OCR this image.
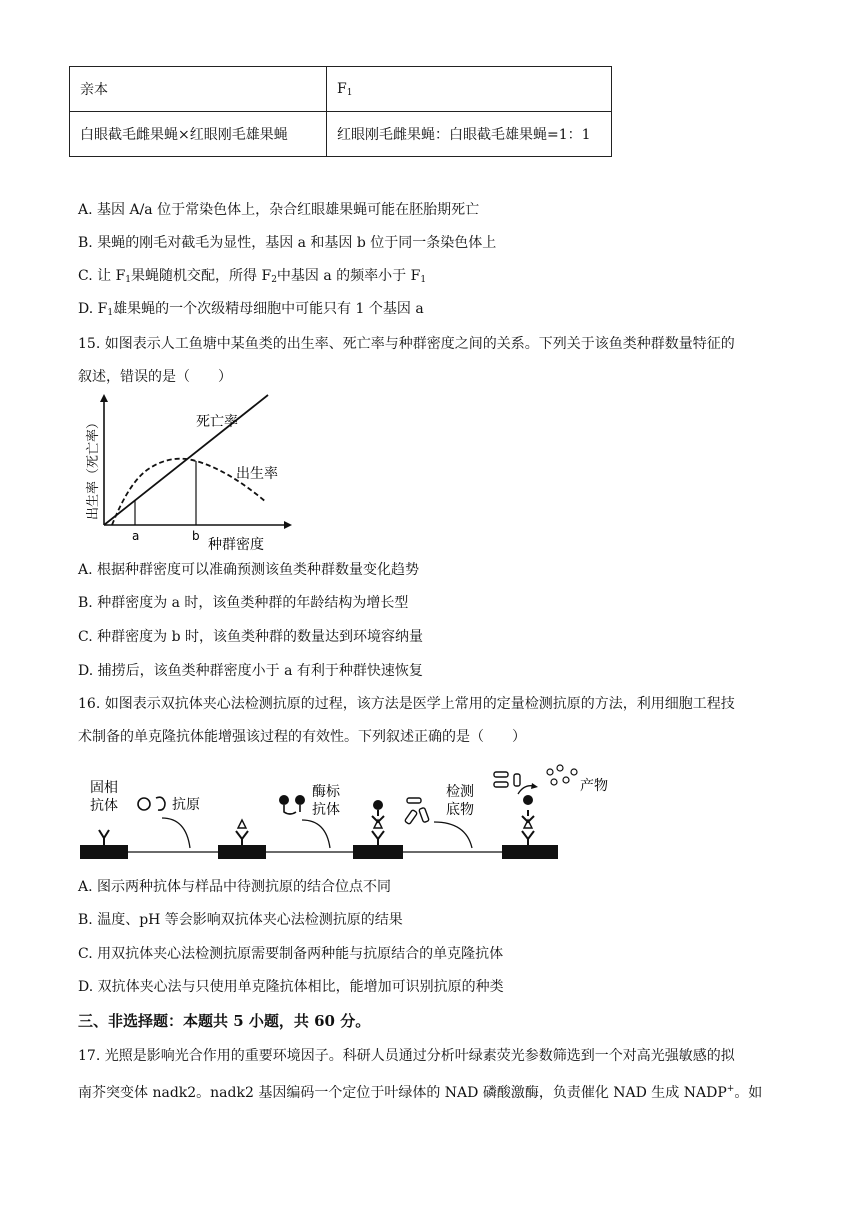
亲本	$F_1$
白眼截毛雌果蝇×红眼刚毛雄果蝇	红眼刚毛雌果蝇：白眼截毛雄果蝇=1：1
A. 基因 A/a 位于常染色体上，杂合红眼雄果蝇可能在胚胎期死亡
B. 果蝇的刚毛对截毛为显性，基因 a 和基因 b 位于同一条染色体上
C. 让 $F_1$果蝇随机交配，所得 $F_2$中基因 a 的频率小于 $F_1$
D. $F_1$雄果蝇的一个次级精母细胞中可能只有 1 个基因 a
15. 如图表示人工鱼塘中某鱼类的出生率、死亡率与种群密度之间的关系。下列关于该鱼类种群数量特征的
叙述，错误的是（　　）
死亡率
出生率
a	b
种群密度
出生率（死亡率）
A. 根据种群密度可以准确预测该鱼类种群数量变化趋势
B. 种群密度为 a 时，该鱼类种群的年龄结构为增长型
C. 种群密度为 b 时，该鱼类种群的数量达到环境容纳量
D. 捕捞后，该鱼类种群密度小于 a 有利于种群快速恢复
16. 如图表示双抗体夹心法检测抗原的过程，该方法是医学上常用的定量检测抗原的方法，利用细胞工程技
术制备的单克隆抗体能增强该过程的有效性。下列叙述正确的是（　　）
固相
抗体	抗原
酶标
抗体
检测
底物
产物
A. 图示两种抗体与样品中待测抗原的结合位点不同
B. 温度、pH 等会影响双抗体夹心法检测抗原的结果
C. 用双抗体夹心法检测抗原需要制备两种能与抗原结合的单克隆抗体
D. 双抗体夹心法与只使用单克隆抗体相比，能增加可识别抗原的种类
三、非选择题：本题共 5 小题，共 60 分。
17. 光照是影响光合作用的重要环境因子。科研人员通过分析叶绿素荧光参数筛选到一个对高光强敏感的拟
南芥突变体 nadk2。nadk2 基因编码一个定位于叶绿体的 NAD 磷酸激酶，负责催化 NAD 生成 NADP+。如
